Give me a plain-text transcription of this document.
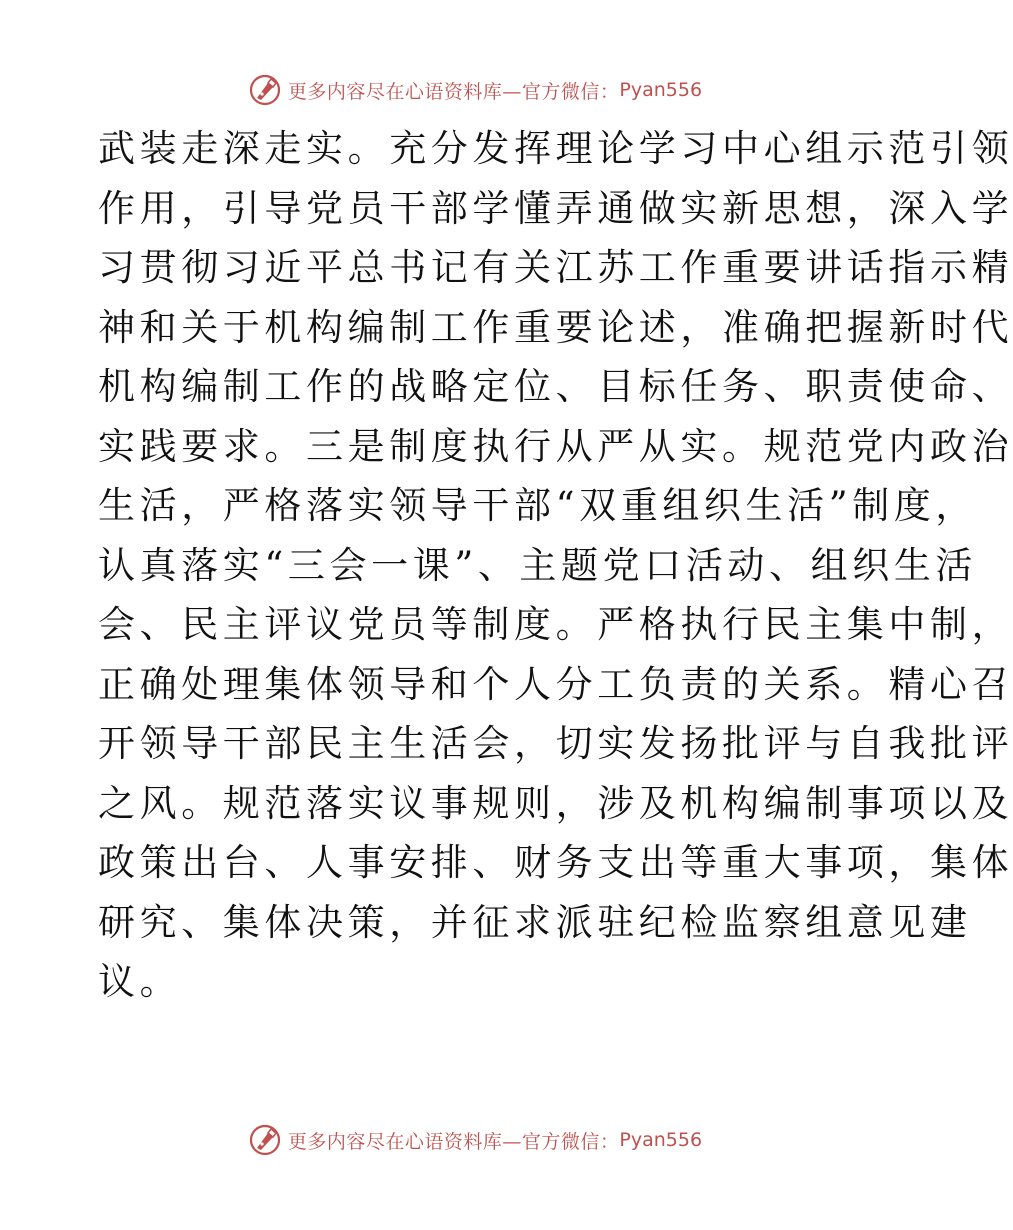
更多内容尽在心语资料库—官方微信： Pyan556
武装走深走实。充分发挥理论学习中心组示范引领
作用，引导党员干部学懂弄通做实新思想，深入学
习贯彻习近平总书记有关江苏工作重要讲话指示精
神和关于机构编制工作重要论述，准确把握新时代
机构编制工作的战略定位、目标任务、职责使命、
实践要求。三是制度执行从严从实。规范党内政治
生活，严格落实领导干部“双重组织生活”制度，
认真落实“三会一课”、主题党口活动、组织生活
会、民主评议党员等制度。严格执行民主集中制，
正确处理集体领导和个人分工负责的关系。精心召
开领导干部民主生活会，切实发扬批评与自我批评
之风。规范落实议事规则，涉及机构编制事项以及
政策出台、人事安排、财务支出等重大事项，集体
研究、集体决策，并征求派驻纪检监察组意见建
议。
更多内容尽在心语资料库—官方微信： Pyan556
